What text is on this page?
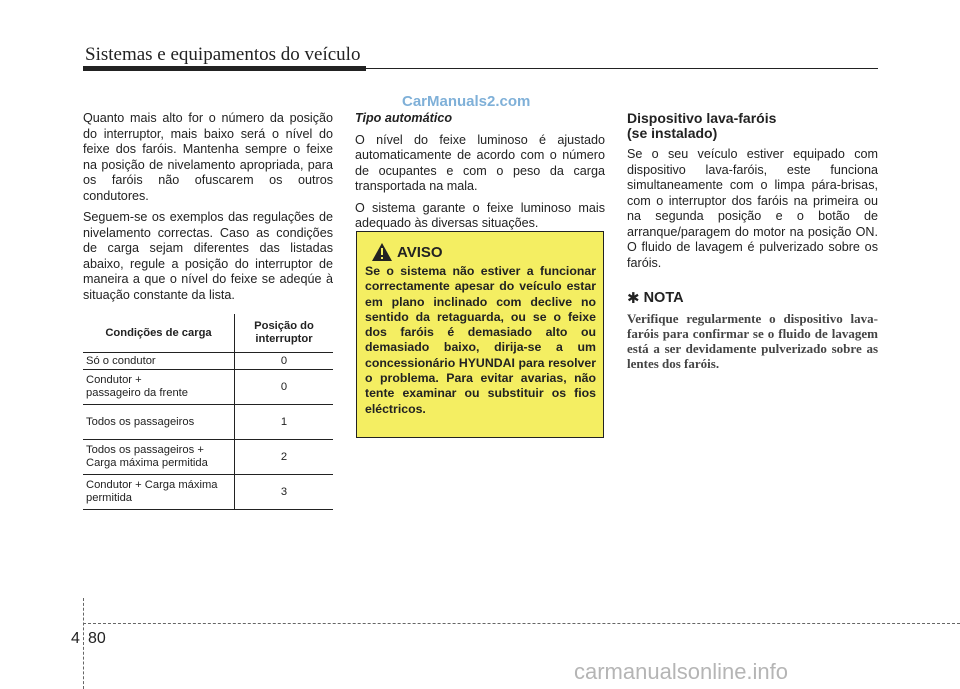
Sistemas e equipamentos do veículo
CarManuals2.com

Quanto mais alto for o número da posição do interruptor, mais baixo será o nível do feixe dos faróis. Mantenha sempre o feixe na posição de nivelamento apropriada, para os faróis não ofuscarem os outros condutores.

Seguem-se os exemplos das regulações de nivelamento correctas. Caso as condições de carga sejam diferentes das listadas abaixo, regule a posição do interruptor de maneira a que o nível do feixe se adeqúe à situação constante da lista.

Condições de carga	Posição do interruptor
Só o condutor	0
Condutor +
passageiro da frente	0
Todos os passageiros	1
Todos os passageiros +
Carga máxima permitida	2
Condutor + Carga máxima
permitida	3

Tipo automático

O nível do feixe luminoso é ajustado automaticamente de acordo com o número de ocupantes e com o peso da carga transportada na mala.

O sistema garante o feixe luminoso mais adequado às diversas situações.

AVISO
Se o sistema não estiver a funcionar correctamente apesar do veículo estar em plano inclinado com declive no sentido da retaguarda, ou se o feixe dos faróis é demasiado alto ou demasiado baixo, dirija-se a um concessionário HYUNDAI para resolver o problema. Para evitar avarias, não tente examinar ou substituir os fios eléctricos.
Dispositivo lava-faróis
(se instalado)

Se o seu veículo estiver equipado com dispositivo lava-faróis, este funciona simultaneamente com o limpa pára-brisas, com o interruptor dos faróis na primeira ou na segunda posição e o botão de arranque/paragem do motor na posição ON. O fluido de lavagem é pulverizado sobre os faróis.

✱ NOTA
Verifique regularmente o dispositivo lava-faróis para confirmar se o fluido de lavagem está a ser devidamente pulverizado sobre as lentes dos faróis.
4 80
carmanualsonline.info
